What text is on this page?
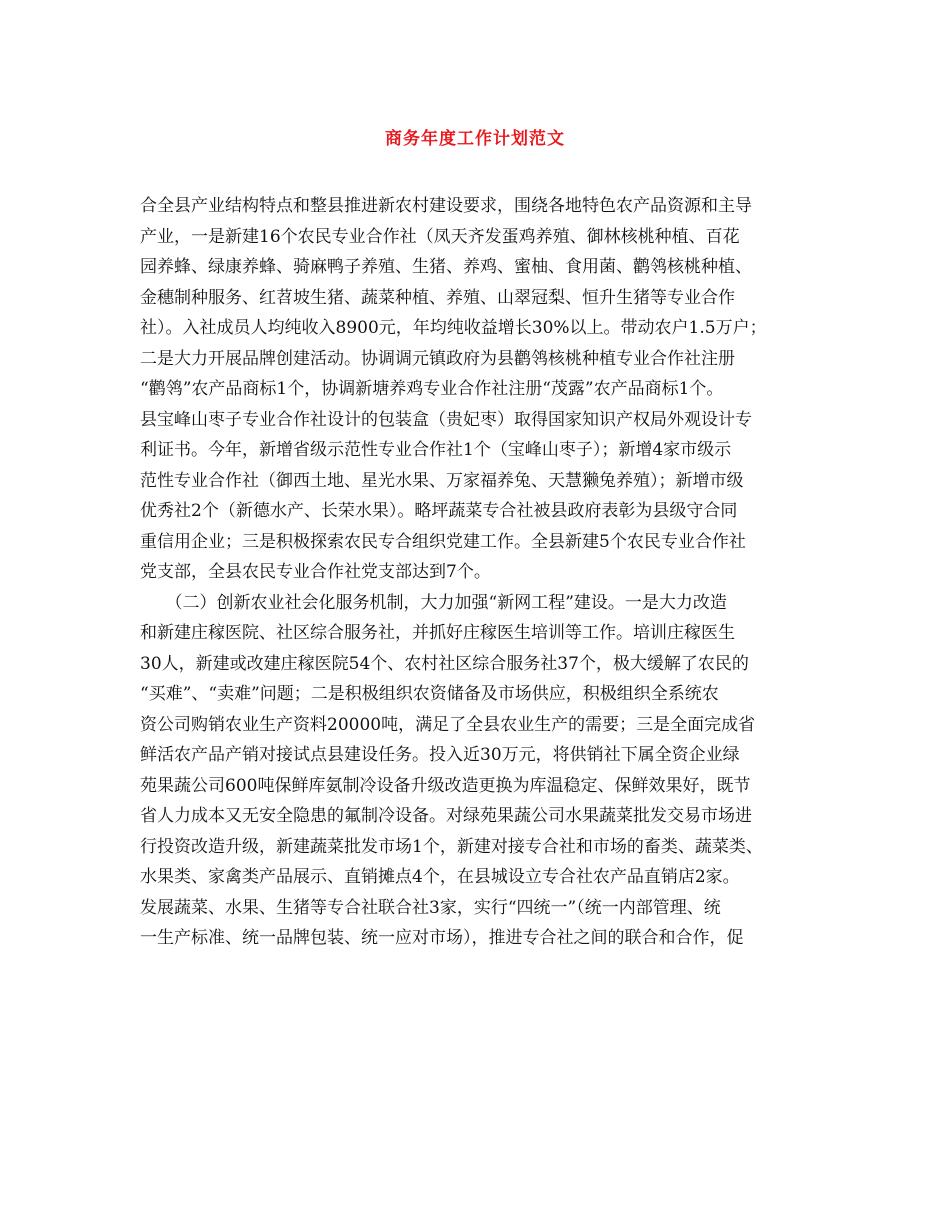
商务年度工作计划范文
合全县产业结构特点和整县推进新农村建设要求，围绕各地特色农产品资源和主导
产业，一是新建16个农民专业合作社（凤天齐发蛋鸡养殖、御林核桃种植、百花
园养蜂、绿康养蜂、骑麻鸭子养殖、生猪、养鸡、蜜柚、食用菌、鹳鸰核桃种植、
金穗制种服务、红苕坡生猪、蔬菜种植、养殖、山翠冠梨、恒升生猪等专业合作
社）。入社成员人均纯收入8900元，年均纯收益增长30%以上。带动农户1.5万户；
二是大力开展品牌创建活动。协调调元镇政府为县鹳鸰核桃种植专业合作社注册
“鹳鸰”农产品商标1个，协调新塘养鸡专业合作社注册“茂露”农产品商标1个。
县宝峰山枣子专业合作社设计的包装盒（贵妃枣）取得国家知识产权局外观设计专
利证书。今年，新增省级示范性专业合作社1个（宝峰山枣子）；新增4家市级示
范性专业合作社（御西土地、星光水果、万家福养兔、天慧獭兔养殖）；新增市级
优秀社2个（新德水产、长荣水果）。略坪蔬菜专合社被县政府表彰为县级守合同
重信用企业；三是积极探索农民专合组织党建工作。全县新建5个农民专业合作社
党支部，全县农民专业合作社党支部达到7个。
　　（二）创新农业社会化服务机制，大力加强“新网工程”建设。一是大力改造
和新建庄稼医院、社区综合服务社，并抓好庄稼医生培训等工作。培训庄稼医生
30人，新建或改建庄稼医院54个、农村社区综合服务社37个，极大缓解了农民的
“买难”、“卖难”问题；二是积极组织农资储备及市场供应，积极组织全系统农
资公司购销农业生产资料20000吨，满足了全县农业生产的需要；三是全面完成省
鲜活农产品产销对接试点县建设任务。投入近30万元，将供销社下属全资企业绿
苑果蔬公司600吨保鲜库氨制冷设备升级改造更换为库温稳定、保鲜效果好，既节
省人力成本又无安全隐患的氟制冷设备。对绿苑果蔬公司水果蔬菜批发交易市场进
行投资改造升级，新建蔬菜批发市场1个，新建对接专合社和市场的畜类、蔬菜类、
水果类、家禽类产品展示、直销摊点4个，在县城设立专合社农产品直销店2家。
发展蔬菜、水果、生猪等专合社联合社3家，实行“四统一”（统一内部管理、统
一生产标准、统一品牌包装、统一应对市场），推进专合社之间的联合和合作，促
